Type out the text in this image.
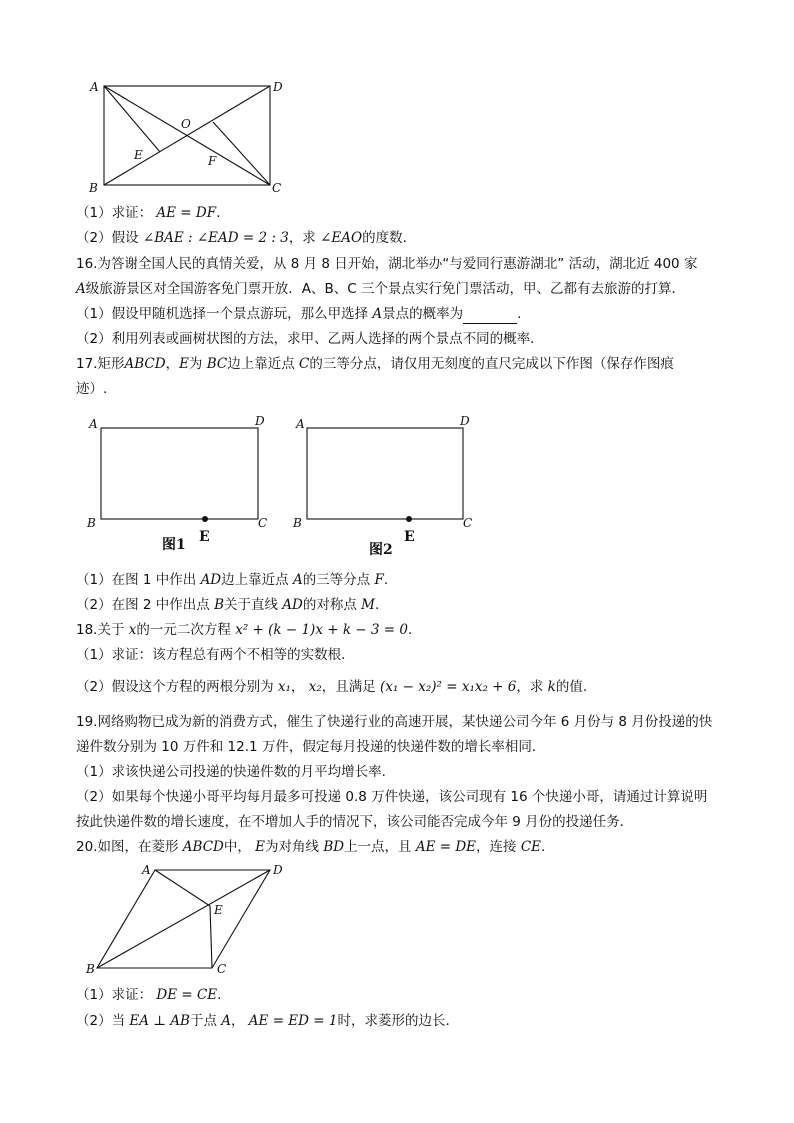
A	D
B	C
O
E	F
（1）求证： AE = DF.
（2）假设 ∠BAE : ∠EAD = 2 : 3，求 ∠EAO的度数.
16.为答谢全国人民的真情关爱，从 8 月 8 日开始，湖北举办“与爱同行惠游湖北” 活动，湖北近 400 家
A级旅游景区对全国游客免门票开放．A、B、C 三个景点实行免门票活动，甲、乙都有去旅游的打算．
（1）假设甲随机选择一个景点游玩，那么甲选择 A景点的概率为	.
（2）利用列表或画树状图的方法，求甲、乙两人选择的两个景点不同的概率．
17.矩形ABCD，E为 BC边上靠近点 C的三等分点，请仅用无刻度的直尺完成以下作图（保存作图痕
迹）.
A	D
B	C
E
图1
A	D
B	C
E
图2
（1）在图 1 中作出 AD边上靠近点 A的三等分点 F.
（2）在图 2 中作出点 B关于直线 AD的对称点 M.
18.关于 x的一元二次方程 x² + (k − 1)x + k − 3 = 0.
（1）求证：该方程总有两个不相等的实数根．
（2）假设这个方程的两根分别为 x₁， x₂，且满足 (x₁ − x₂)² = x₁x₂ + 6，求 k的值.
19.网络购物已成为新的消费方式，催生了快递行业的高速开展，某快递公司今年 6 月份与 8 月份投递的快
递件数分别为 10 万件和 12.1 万件，假定每月投递的快递件数的增长率相同．
（1）求该快递公司投递的快递件数的月平均增长率．
（2）如果每个快递小哥平均每月最多可投递 0.8 万件快递，该公司现有 16 个快递小哥，请通过计算说明
按此快递件数的增长速度，在不增加人手的情况下，该公司能否完成今年 9 月份的投递任务．
20.如图，在菱形 ABCD中， E为对角线 BD上一点，且 AE = DE，连接 CE.
A	D
B	C
E
（1）求证： DE = CE.
（2）当 EA ⊥ AB于点 A， AE = ED = 1时，求菱形的边长.
